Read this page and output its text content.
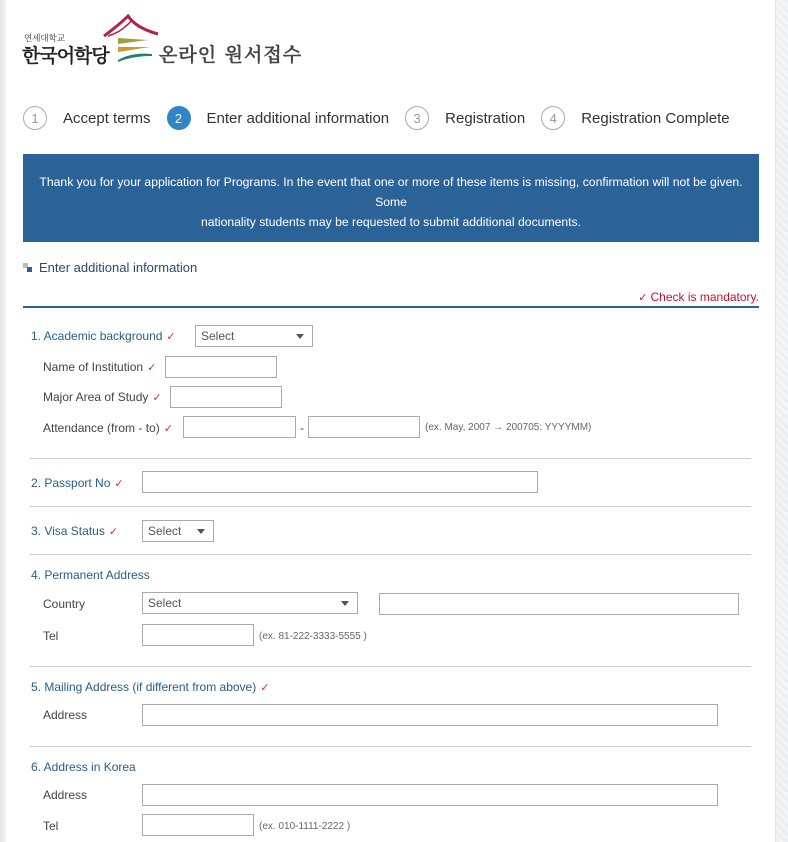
연세대학교
한국어학당	온라인 원서접수
1	Accept terms	2	Enter additional information	3	Registration	4	Registration Complete
Thank you for your application for Programs. In the event that one or more of these items is missing, confirmation will not be given. Some
nationality students may be requested to submit additional documents.
Enter additional information
✓ Check is mandatory.
1. Academic background ✓	Select
Name of Institution ✓
Major Area of Study ✓
Attendance (from - to) ✓	-	(ex. May, 2007 → 200705: YYYYMM)
2. Passport No ✓
3. Visa Status ✓	Select
4. Permanent Address
Country	Select
Tel	(ex. 81-222-3333-5555 )
5. Mailing Address (if different from above) ✓
Address
6. Address in Korea
Address
Tel	(ex. 010-1111-2222 )
